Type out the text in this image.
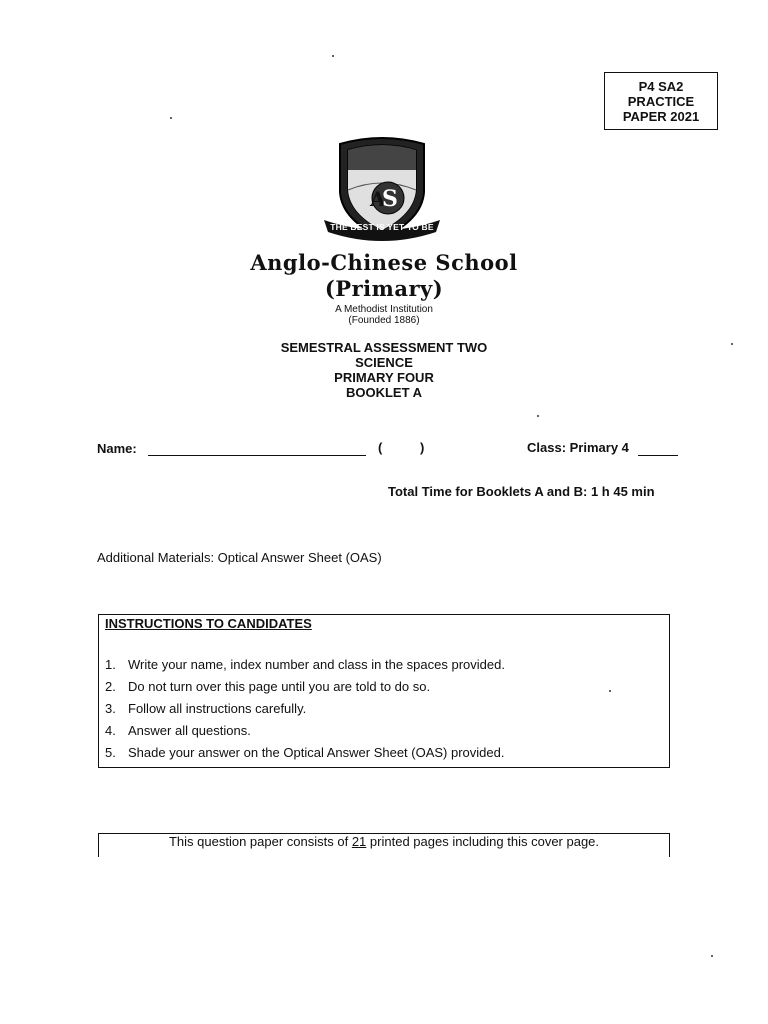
P4 SA2
PRACTICE
PAPER 2021
A
S
THE BEST IS YET TO BE
Anglo-Chinese School
(Primary)
A Methodist Institution
(Founded 1886)
SEMESTRAL ASSESSMENT TWO
SCIENCE
PRIMARY FOUR
BOOKLET A
Name:	(	)	Class: Primary 4
Total Time for Booklets A and B: 1 h 45 min
Additional Materials: Optical Answer Sheet (OAS)
INSTRUCTIONS TO CANDIDATES
1. Write your name, index number and class in the spaces provided.
2. Do not turn over this page until you are told to do so.
3. Follow all instructions carefully.
4. Answer all questions.
5. Shade your answer on the Optical Answer Sheet (OAS) provided.
This question paper consists of 21 printed pages including this cover page.
